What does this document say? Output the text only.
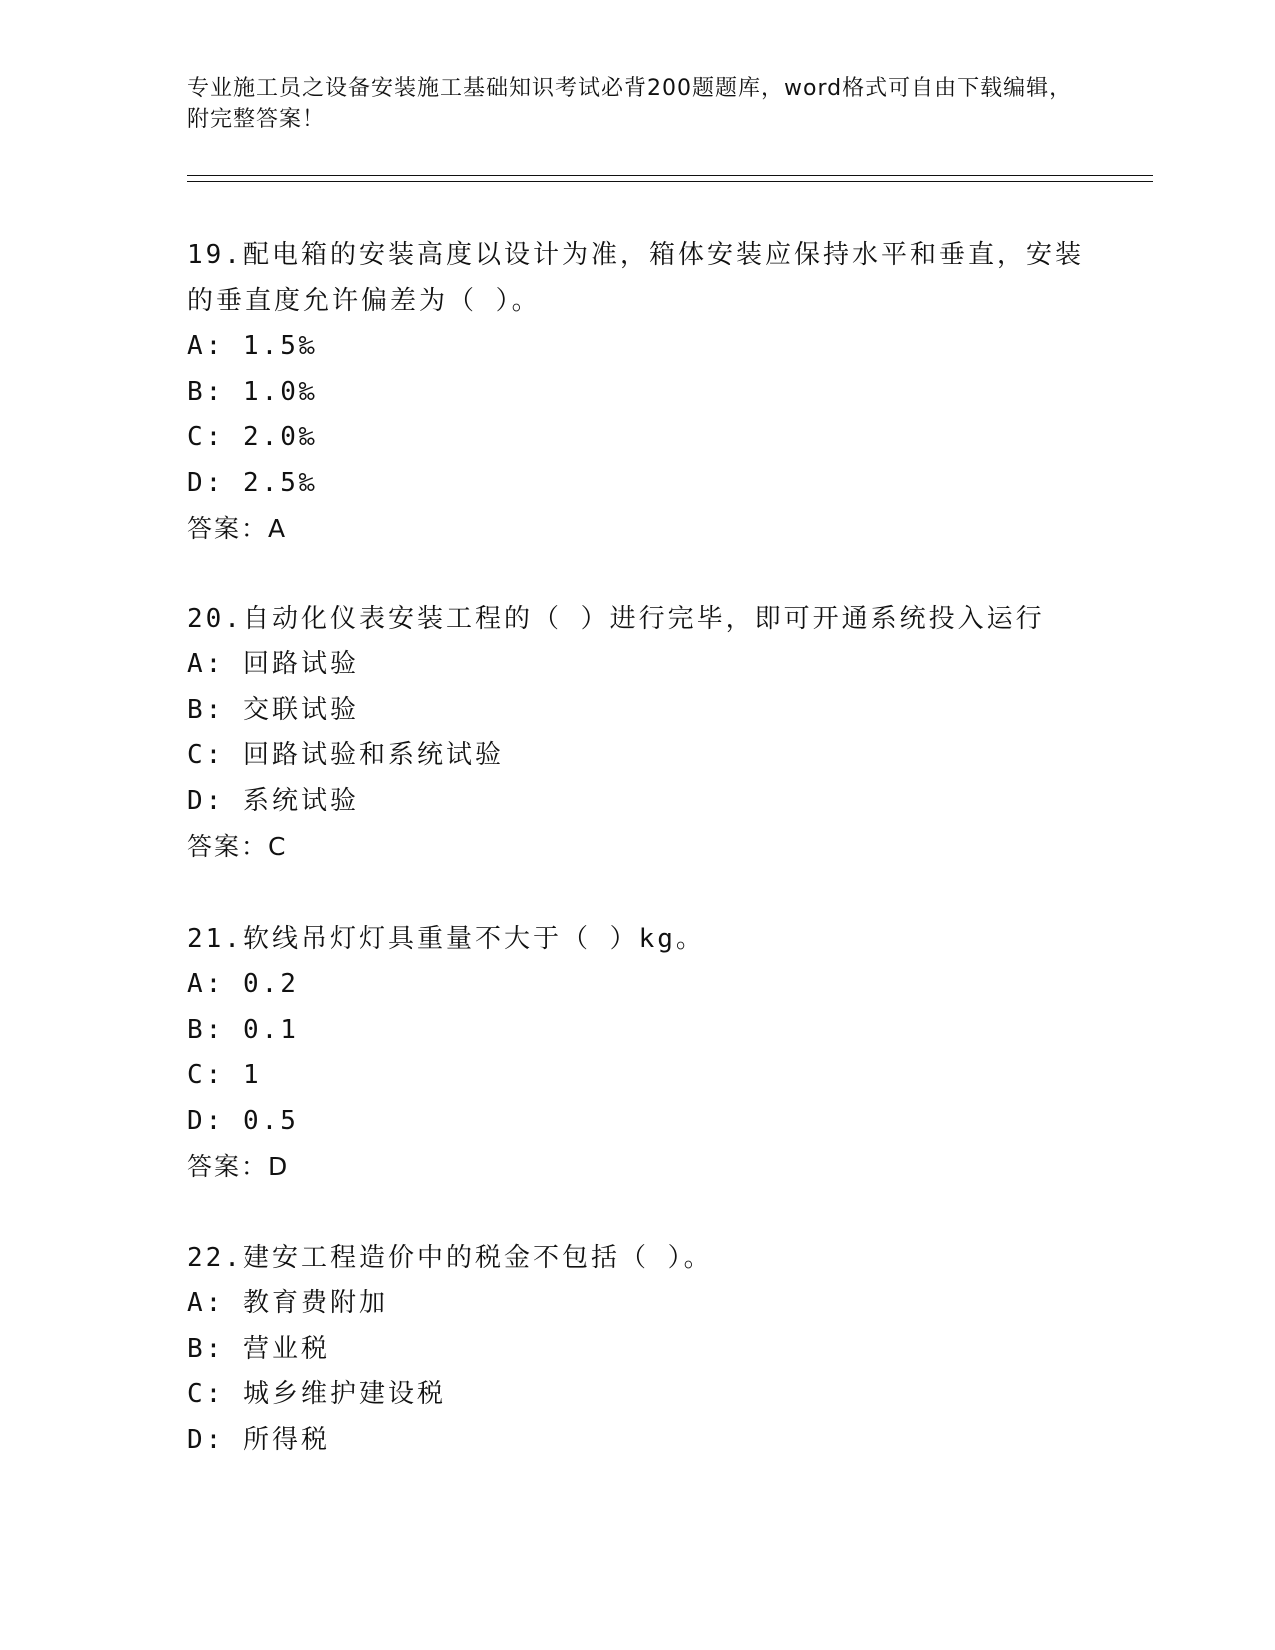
专业施工员之设备安装施工基础知识考试必背200题题库，word格式可自由下载编辑，附完整答案！

19.配电箱的安装高度以设计为准，箱体安装应保持水平和垂直，安装

的垂直度允许偏差为（ ）。

A: 1.5‰

B: 1.0‰

C: 2.0‰

D: 2.5‰

答案：A

20.自动化仪表安装工程的（ ）进行完毕，即可开通系统投入运行

A: 回路试验

B: 交联试验

C: 回路试验和系统试验

D: 系统试验

答案：C

21.软线吊灯灯具重量不大于（ ）kg。

A: 0.2

B: 0.1

C: 1

D: 0.5

答案：D

22.建安工程造价中的税金不包括（ ）。

A: 教育费附加

B: 营业税

C: 城乡维护建设税

D: 所得税
